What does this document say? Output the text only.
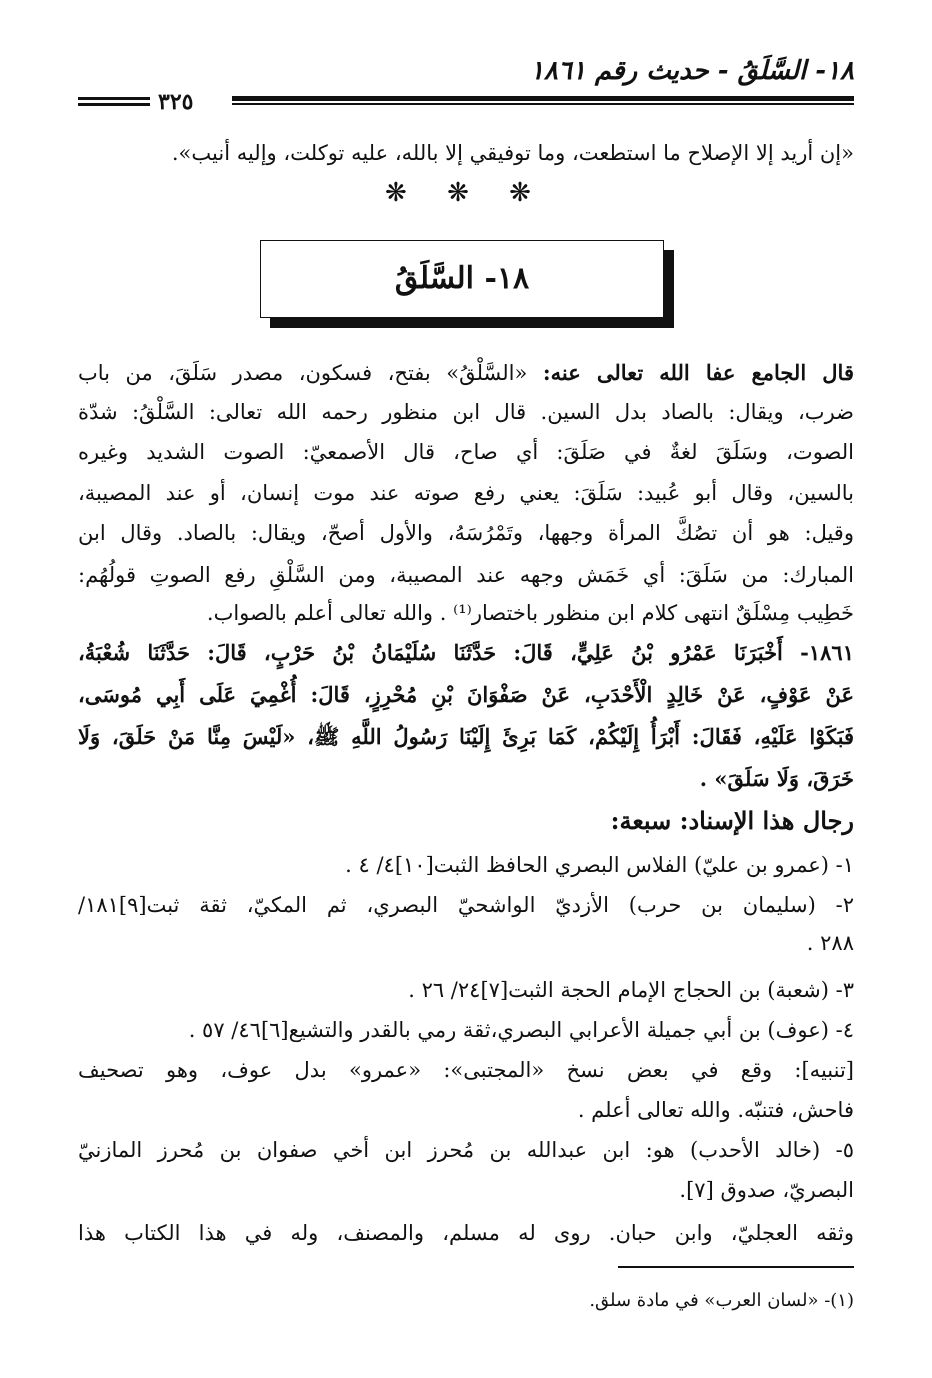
١٨- السَّلَقُ - حديث رقم ١٨٦١
٣٢٥
«إن أريد إلا الإصلاح ما استطعت، وما توفيقي إلا بالله، عليه توكلت، وإليه أنيب».
❋ ❋ ❋
١٨- السَّلَقُ
قال الجامع عفا الله تعالى عنه: «السَّلْقُ» بفتح، فسكون، مصدر سَلَقَ، من باب
ضرب، ويقال: بالصاد بدل السين. قال ابن منظور رحمه الله تعالى: السَّلْقُ: شدّة
الصوت، وسَلَقَ لغةٌ في صَلَقَ: أي صاح، قال الأصمعيّ: الصوت الشديد وغيره
بالسين، وقال أبو عُبيد: سَلَقَ: يعني رفع صوته عند موت إنسان، أو عند المصيبة،
وقيل: هو أن تصُكَّ المرأة وجهها، وتَمْرُسَهُ، والأول أصحّ، ويقال: بالصاد. وقال ابن
المبارك: من سَلَقَ: أي خَمَش وجهه عند المصيبة، ومن السَّلْقِ رفع الصوتِ قولُهُم:
خَطِيب مِسْلَقٌ انتهى كلام ابن منظور باختصار⁽¹⁾ . والله تعالى أعلم بالصواب.
١٨٦١- أَخْبَرَنَا عَمْرُو بْنُ عَلِيٍّ، قَالَ: حَدَّثَنَا سُلَيْمَانُ بْنُ حَرْبٍ، قَالَ: حَدَّثَنَا شُعْبَةُ،
عَنْ عَوْفٍ، عَنْ خَالِدٍ الْأَحْدَبِ، عَنْ صَفْوَانَ بْنِ مُحْرِزٍ، قَالَ: أُغْمِيَ عَلَى أَبِي مُوسَى،
فَبَكَوْا عَلَيْهِ، فَقَالَ: أَبْرَأُ إِلَيْكُمْ، كَمَا بَرِئَ إِلَيْنَا رَسُولُ اللَّهِ ﷺ، «لَيْسَ مِنَّا مَنْ حَلَقَ، وَلَا
خَرَقَ، وَلَا سَلَقَ» .
رجال هذا الإسناد: سبعة:
١- (عمرو بن عليّ) الفلاس البصري الحافظ الثبت[١٠]٤/ ٤ .
٢- (سليمان بن حرب) الأزديّ الواشحيّ البصري، ثم المكيّ، ثقة ثبت[٩]١٨١/
٢٨٨ .
٣- (شعبة) بن الحجاج الإمام الحجة الثبت[٧]٢٤/ ٢٦ .
٤- (عوف) بن أبي جميلة الأعرابي البصري،ثقة رمي بالقدر والتشيع[٦]٤٦/ ٥٧ .
[تنبيه]: وقع في بعض نسخ «المجتبى»: «عمرو» بدل عوف، وهو تصحيف
فاحش، فتنبّه. والله تعالى أعلم .
٥- (خالد الأحدب) هو: ابن عبدالله بن مُحرز ابن أخي صفوان بن مُحرز المازنيّ
البصريّ، صدوق [٧].
وثقه العجليّ، وابن حبان. روى له مسلم، والمصنف، وله في هذا الكتاب هذا
(١)- «لسان العرب» في مادة سلق.
